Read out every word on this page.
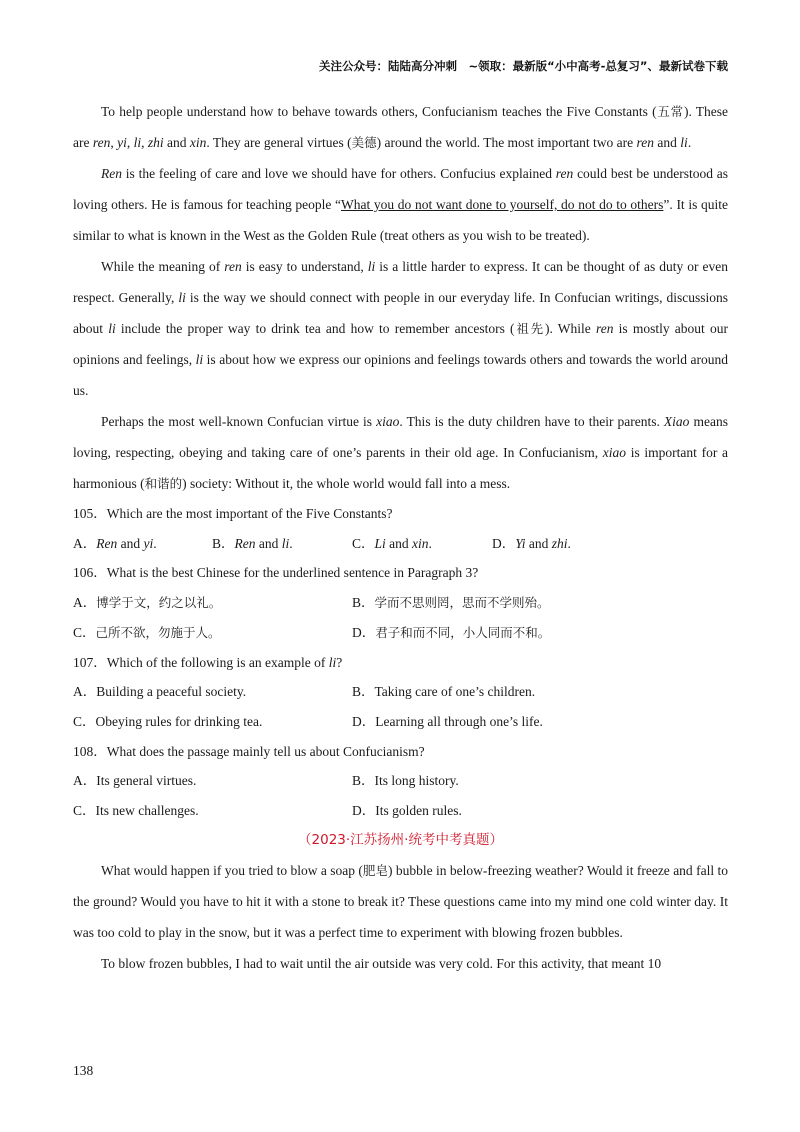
关注公众号：陆陆高分冲刺　~领取：最新版“小中高考-总复习”、最新试卷下载

To help people understand how to behave towards others, Confucianism teaches the Five Constants (五常). These are ren, yi, li, zhi and xin. They are general virtues (美德) around the world. The most important two are ren and li.

Ren is the feeling of care and love we should have for others. Confucius explained ren could best be understood as loving others. He is famous for teaching people “What you do not want done to yourself, do not do to others”. It is quite similar to what is known in the West as the Golden Rule (treat others as you wish to be treated).

While the meaning of ren is easy to understand, li is a little harder to express. It can be thought of as duty or even respect. Generally, li is the way we should connect with people in our everyday life. In Confucian writings, discussions about li include the proper way to drink tea and how to remember ancestors (祖先). While ren is mostly about our opinions and feelings, li is about how we express our opinions and feelings towards others and towards the world around us.

Perhaps the most well-known Confucian virtue is xiao. This is the duty children have to their parents. Xiao means loving, respecting, obeying and taking care of one’s parents in their old age. In Confucianism, xiao is important for a harmonious (和谐的) society: Without it, the whole world would fall into a mess.

105．Which are the most important of the Five Constants?

A．Ren and yi.	B．Ren and li.	C．Li and xin.	D．Yi and zhi.

106．What is the best Chinese for the underlined sentence in Paragraph 3?

A．博学于文，约之以礼。	B．学而不思则罔，思而不学则殆。
C．己所不欲，勿施于人。	D．君子和而不同，小人同而不和。

107．Which of the following is an example of li?

A．Building a peaceful society.	B．Taking care of one’s children.
C．Obeying rules for drinking tea.	D．Learning all through one’s life.

108．What does the passage mainly tell us about Confucianism?

A．Its general virtues.	B．Its long history.
C．Its new challenges.	D．Its golden rules.
（2023·江苏扬州·统考中考真题）

What would happen if you tried to blow a soap (肥皂) bubble in below-freezing weather? Would it freeze and fall to the ground? Would you have to hit it with a stone to break it? These questions came into my mind one cold winter day. It was too cold to play in the snow, but it was a perfect time to experiment with blowing frozen bubbles.

To blow frozen bubbles, I had to wait until the air outside was very cold. For this activity, that meant 10

138
